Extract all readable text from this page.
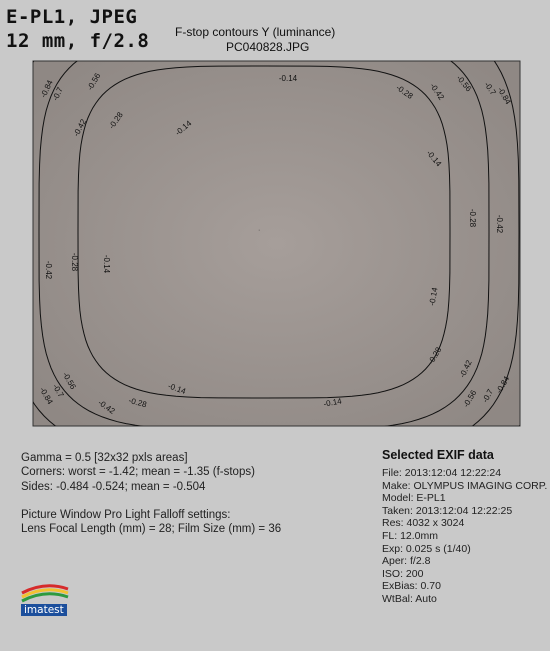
E-PL1, JPEG
12 mm, f/2.8 F-stop contours Y (luminance)
PC040828.JPG
-0.14
-0.14
-0.14
-0.14
-0.14
-0.14
-0.14
-0.28
-0.28
-0.28
-0.28
-0.28
-0.28
-0.42
-0.42
-0.42
-0.42
-0.42
-0.42
-0.56	-0.56
-0.56
-0.56
-0.7	-0.7
-0.7	-0.7
-0.84	-0.84
-0.84
-0.84
·
Gamma = 0.5 [32x32 pxls areas]
Corners: worst = -1.42; mean = -1.35 (f-stops)
Sides: -0.484 -0.524; mean = -0.504
Picture Window Pro Light Falloff settings:
Lens Focal Length (mm) = 28; Film Size (mm) = 36
Selected EXIF data
File: 2013:12:04 12:22:24
Make: OLYMPUS IMAGING CORP.
Model: E-PL1
Taken: 2013:12:04 12:22:25
Res: 4032 x 3024
FL: 12.0mm
Exp: 0.025 s (1/40)
Aper: f/2.8
ISO: 200
ExBias: 0.70
WtBal: Auto
imatest
